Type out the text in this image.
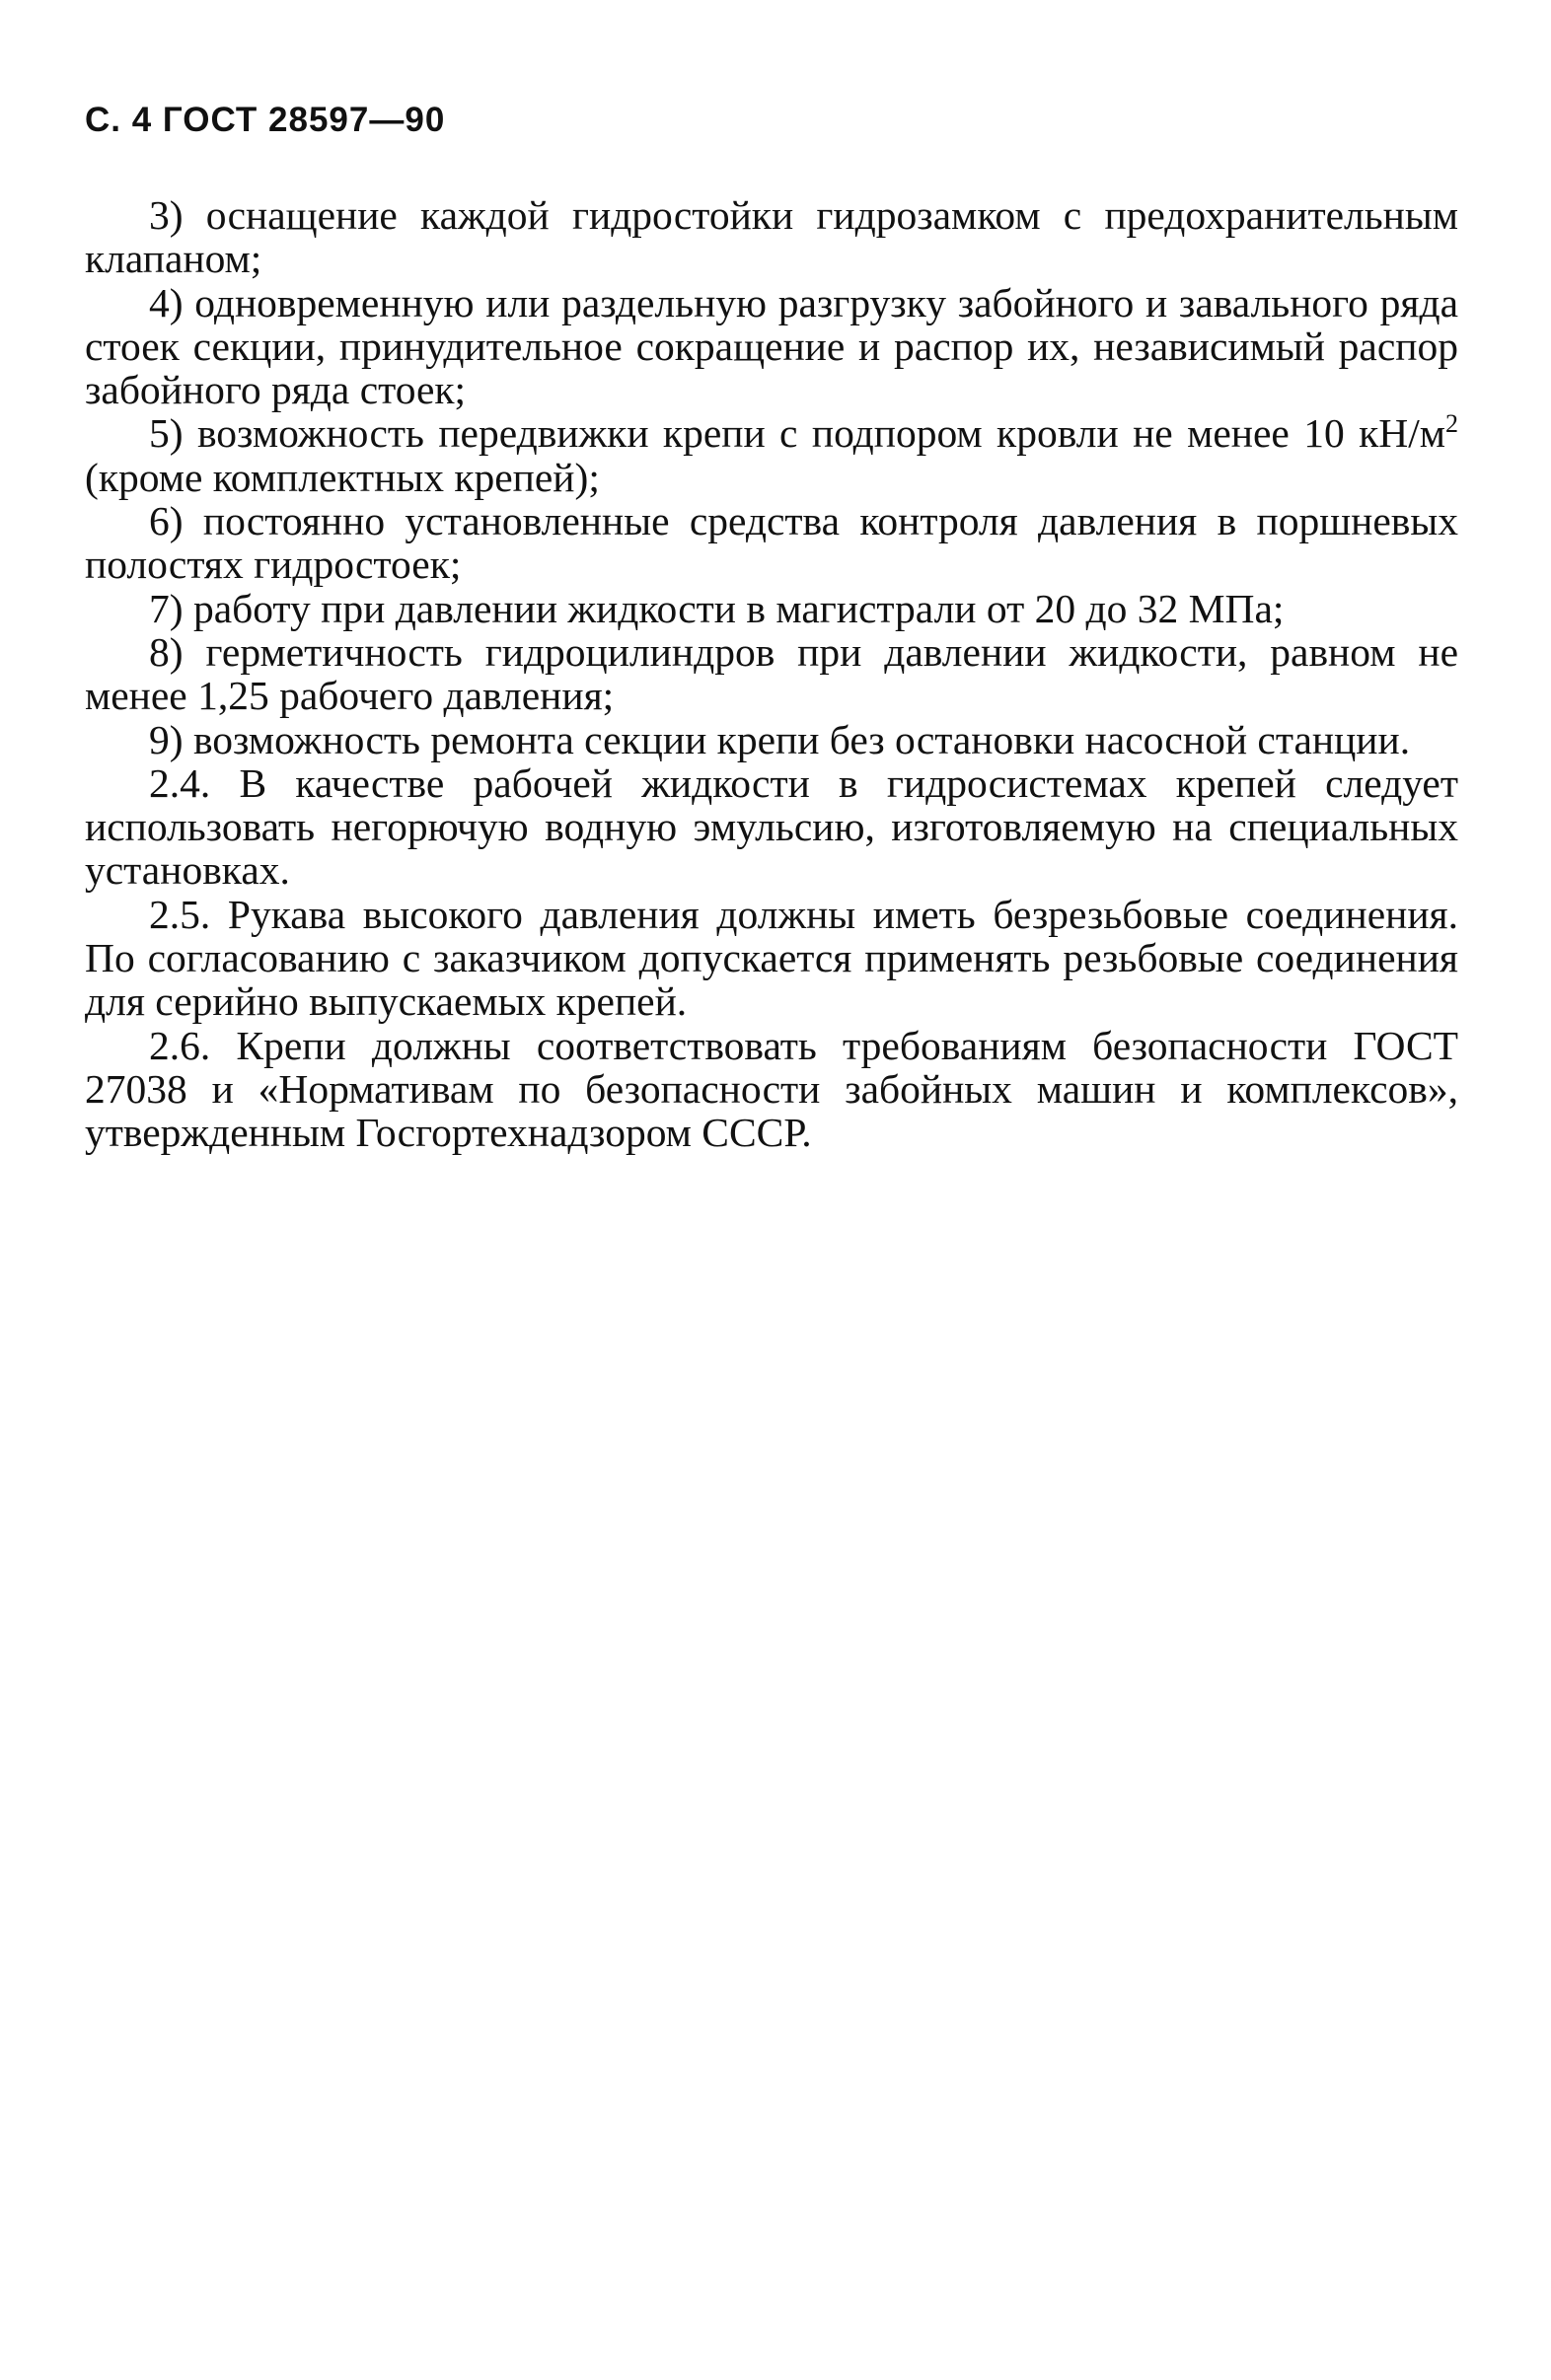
С. 4 ГОСТ 28597—90

3) оснащение каждой гидростойки гидрозамком с предохранительным клапаном;

4) одновременную или раздельную разгрузку забойного и завального ряда стоек секции, принудительное сокращение и распор их, независимый распор забойного ряда стоек;

5) возможность передвижки крепи с подпором кровли не менее 10 $кН/м^2$ (кроме комплектных крепей);

6) постоянно установленные средства контроля давления в поршневых полостях гидростоек;

7) работу при давлении жидкости в магистрали от 20 до 32 МПа;

8) герметичность гидроцилиндров при давлении жидкости, равном не менее 1,25 рабочего давления;

9) возможность ремонта секции крепи без остановки насосной станции.

2.4. В качестве рабочей жидкости в гидросистемах крепей следует использовать негорючую водную эмульсию, изготовляемую на специальных установках.

2.5. Рукава высокого давления должны иметь безрезьбовые соединения. По согласованию с заказчиком допускается применять резьбовые соединения для серийно выпускаемых крепей.

2.6. Крепи должны соответствовать требованиям безопасности ГОСТ 27038 и «Нормативам по безопасности забойных машин и комплексов», утвержденным Госгортехнадзором СССР.
